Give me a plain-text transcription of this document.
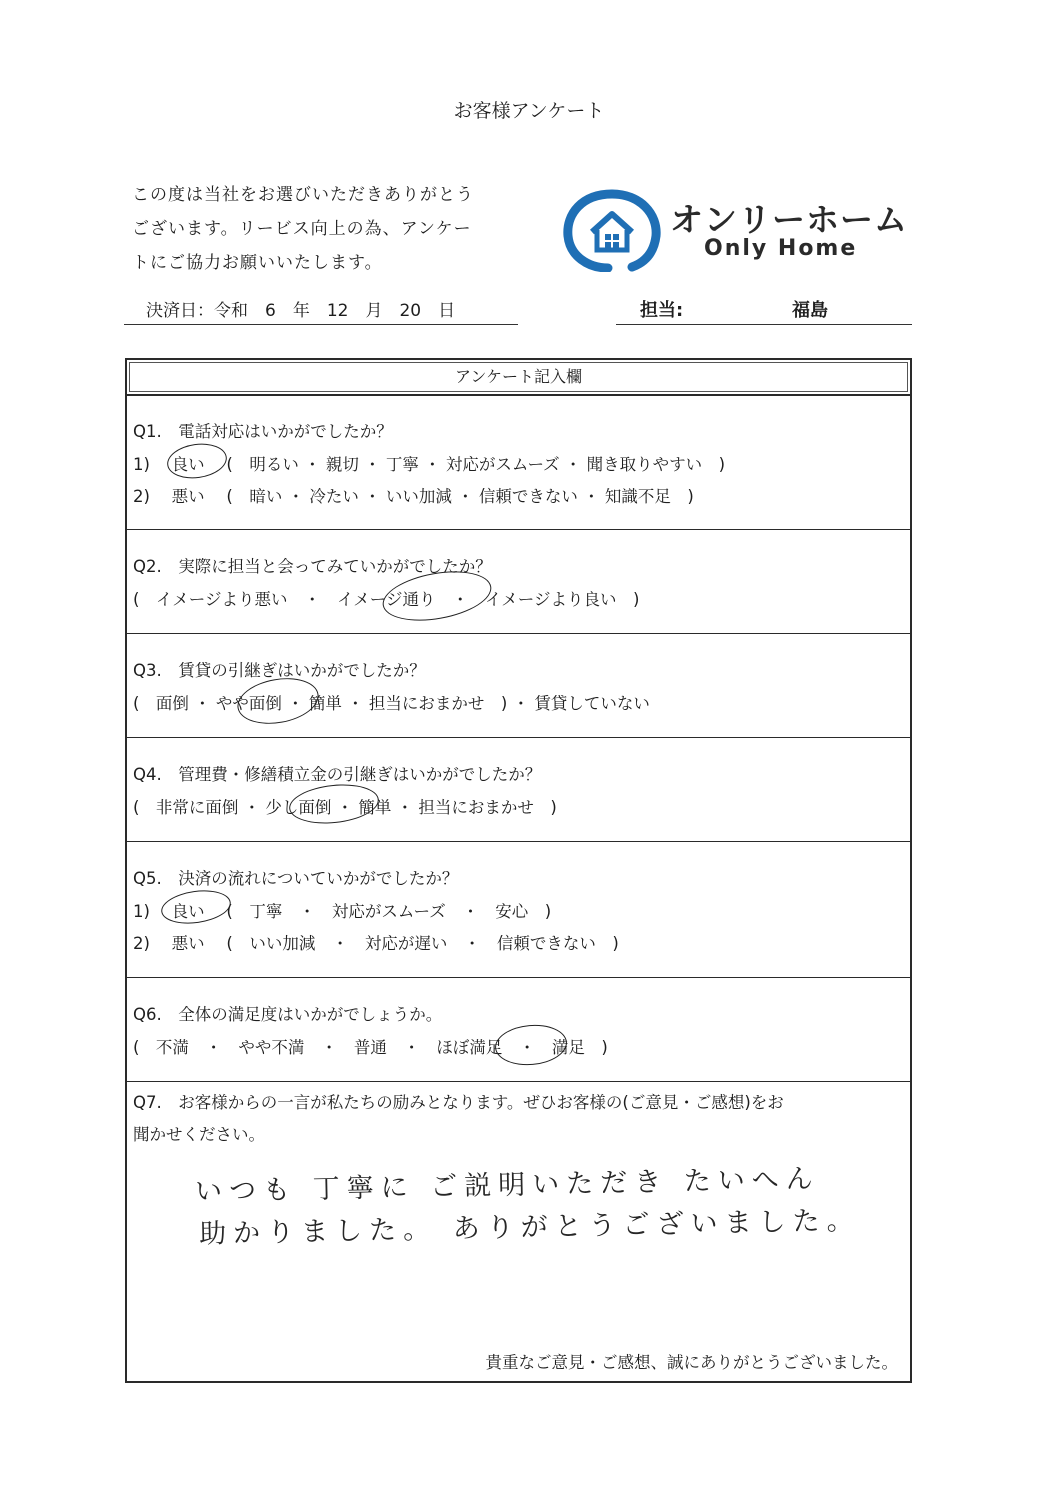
お客様アンケート
この度は当社をお選びいただきありがとう
ございます。リービス向上の為、アンケー
トにご協力お願いいたします。
オンリーホーム
Only Home
決済日：令和　6　年　12　月　20　日	担当:	福島
アンケート記入欄
Q1.　電話対応はいかがでしたか？
1)　 良い　 (　明るい ・ 親切 ・ 丁寧 ・ 対応がスムーズ ・ 聞き取りやすい　)
2)　 悪い　 (　暗い ・ 冷たい ・ いい加減 ・ 信頼できない ・ 知識不足　)
Q2.　実際に担当と会ってみていかがでしたか？
(　イメージより悪い　・　イメージ通り　・　イメージより良い　)
Q3.　賃貸の引継ぎはいかがでしたか？
(　面倒 ・ やや面倒 ・ 簡単 ・ 担当におまかせ　) ・ 賃貸していない
Q4.　管理費・修繕積立金の引継ぎはいかがでしたか？
(　非常に面倒 ・ 少し面倒 ・ 簡単 ・ 担当におまかせ　)
Q5.　決済の流れについていかがでしたか？
1)　 良い　 (　丁寧　・　対応がスムーズ　・　安心　)
2)　 悪い　 (　いい加減　・　対応が遅い　・　信頼できない　)
Q6.　全体の満足度はいかがでしょうか。
(　不満　・　やや不満　・　普通　・　ほぼ満足　・　満足　)
Q7.　お客様からの一言が私たちの励みとなります。ぜひお客様の(ご意見・ご感想)をお
聞かせください。
いつも 丁寧に ご説明いただき たいへん
助かりました。 ありがとうございました。
貴重なご意見・ご感想、誠にありがとうございました。
